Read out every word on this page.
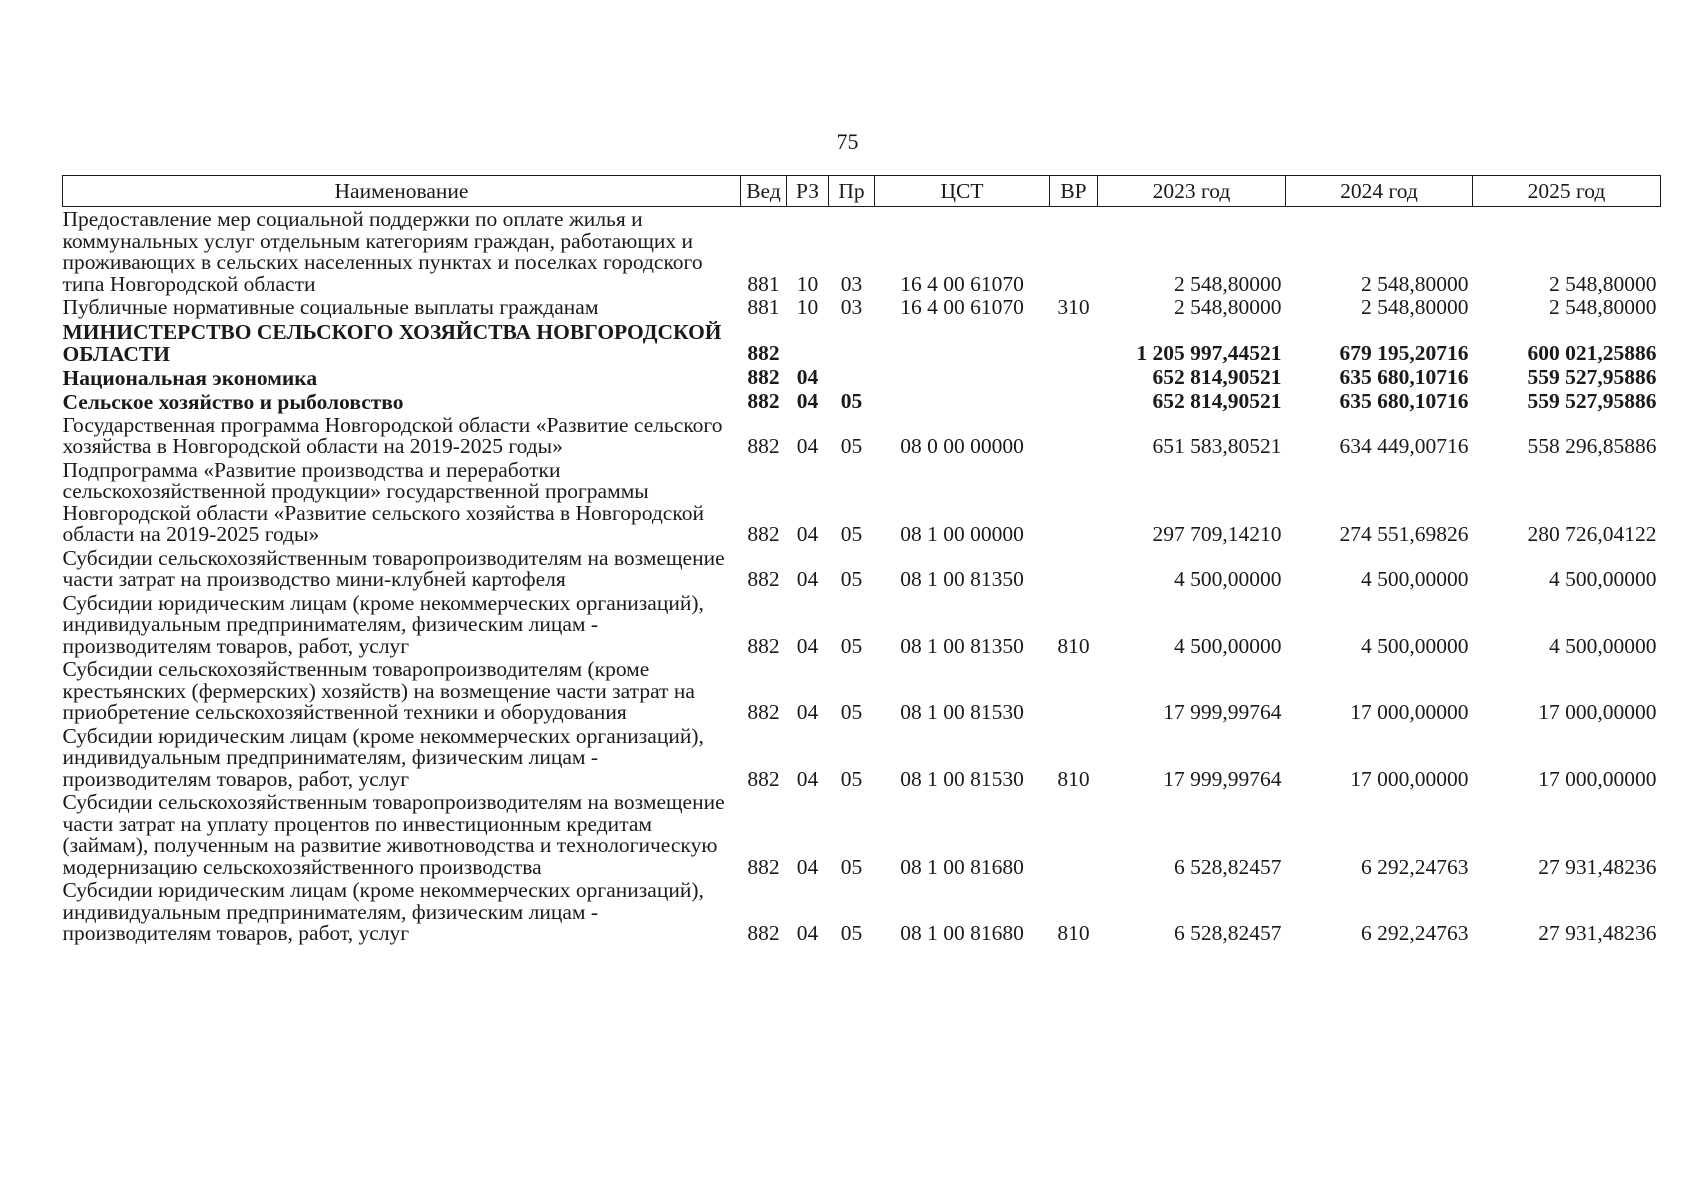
75
Наименование	Вед	РЗ	Пр	ЦСТ	ВР	2023 год	2024 год	2025 год
Предоставление мер социальной поддержки по оплате жилья и коммунальных услуг отдельным категориям граждан, работающих и проживающих в сельских населенных пунктах и поселках городского типа Новгородской области	881	10	03	16 4 00 61070		2 548,80000	2 548,80000	2 548,80000
Публичные нормативные социальные выплаты гражданам	881	10	03	16 4 00 61070	310	2 548,80000	2 548,80000	2 548,80000
МИНИСТЕРСТВО СЕЛЬСКОГО ХОЗЯЙСТВА НОВГОРОДСКОЙ ОБЛАСТИ	882					1 205 997,44521	679 195,20716	600 021,25886
Национальная экономика	882	04				652 814,90521	635 680,10716	559 527,95886
Сельское хозяйство и рыболовство	882	04	05			652 814,90521	635 680,10716	559 527,95886
Государственная программа Новгородской области «Развитие сельского хозяйства в Новгородской области на 2019-2025 годы»	882	04	05	08 0 00 00000		651 583,80521	634 449,00716	558 296,85886
Подпрограмма «Развитие производства и переработки сельскохозяйственной продукции» государственной программы Новгородской области «Развитие сельского хозяйства в Новгородской области на 2019-2025 годы»	882	04	05	08 1 00 00000		297 709,14210	274 551,69826	280 726,04122
Субсидии сельскохозяйственным товаропроизводителям на возмещение части затрат на производство мини-клубней картофеля	882	04	05	08 1 00 81350		4 500,00000	4 500,00000	4 500,00000
Субсидии юридическим лицам (кроме некоммерческих организаций), индивидуальным предпринимателям, физическим лицам - производителям товаров, работ, услуг	882	04	05	08 1 00 81350	810	4 500,00000	4 500,00000	4 500,00000
Субсидии сельскохозяйственным товаропроизводителям (кроме крестьянских (фермерских) хозяйств) на возмещение части затрат на приобретение сельскохозяйственной техники и оборудования	882	04	05	08 1 00 81530		17 999,99764	17 000,00000	17 000,00000
Субсидии юридическим лицам (кроме некоммерческих организаций), индивидуальным предпринимателям, физическим лицам - производителям товаров, работ, услуг	882	04	05	08 1 00 81530	810	17 999,99764	17 000,00000	17 000,00000
Субсидии сельскохозяйственным товаропроизводителям на возмещение части затрат на уплату процентов по инвестиционным кредитам (займам), полученным на развитие животноводства и технологическую модернизацию сельскохозяйственного производства	882	04	05	08 1 00 81680		6 528,82457	6 292,24763	27 931,48236
Субсидии юридическим лицам (кроме некоммерческих организаций), индивидуальным предпринимателям, физическим лицам - производителям товаров, работ, услуг	882	04	05	08 1 00 81680	810	6 528,82457	6 292,24763	27 931,48236
